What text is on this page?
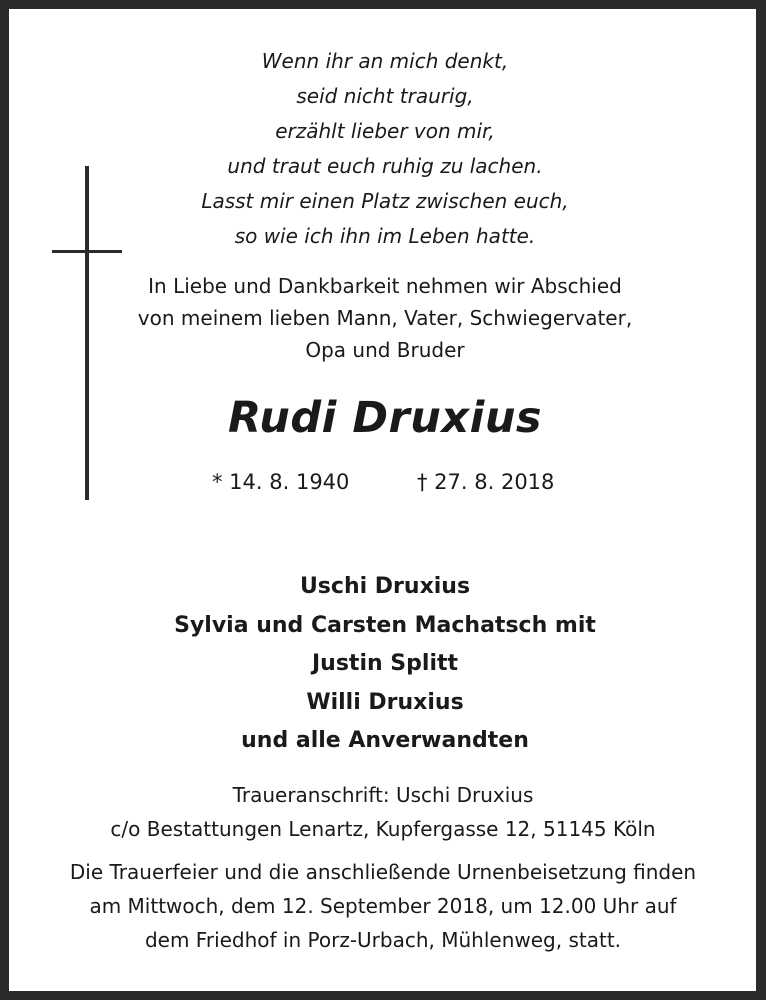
Wenn ihr an mich denkt,
seid nicht traurig,
erzählt lieber von mir,
und traut euch ruhig zu lachen.
Lasst mir einen Platz zwischen euch,
so wie ich ihn im Leben hatte.
In Liebe und Dankbarkeit nehmen wir Abschied
von meinem lieben Mann, Vater, Schwiegervater,
Opa und Bruder
Rudi Druxius
* 14. 8. 1940	† 27. 8. 2018
Uschi Druxius
Sylvia und Carsten Machatsch mit
Justin Splitt
Willi Druxius
und alle Anverwandten
Traueranschrift: Uschi Druxius
c/o Bestattungen Lenartz, Kupfergasse 12, 51145 Köln
Die Trauerfeier und die anschließende Urnenbeisetzung finden
am Mittwoch, dem 12. September 2018, um 12.00 Uhr auf
dem Friedhof in Porz-Urbach, Mühlenweg, statt.
